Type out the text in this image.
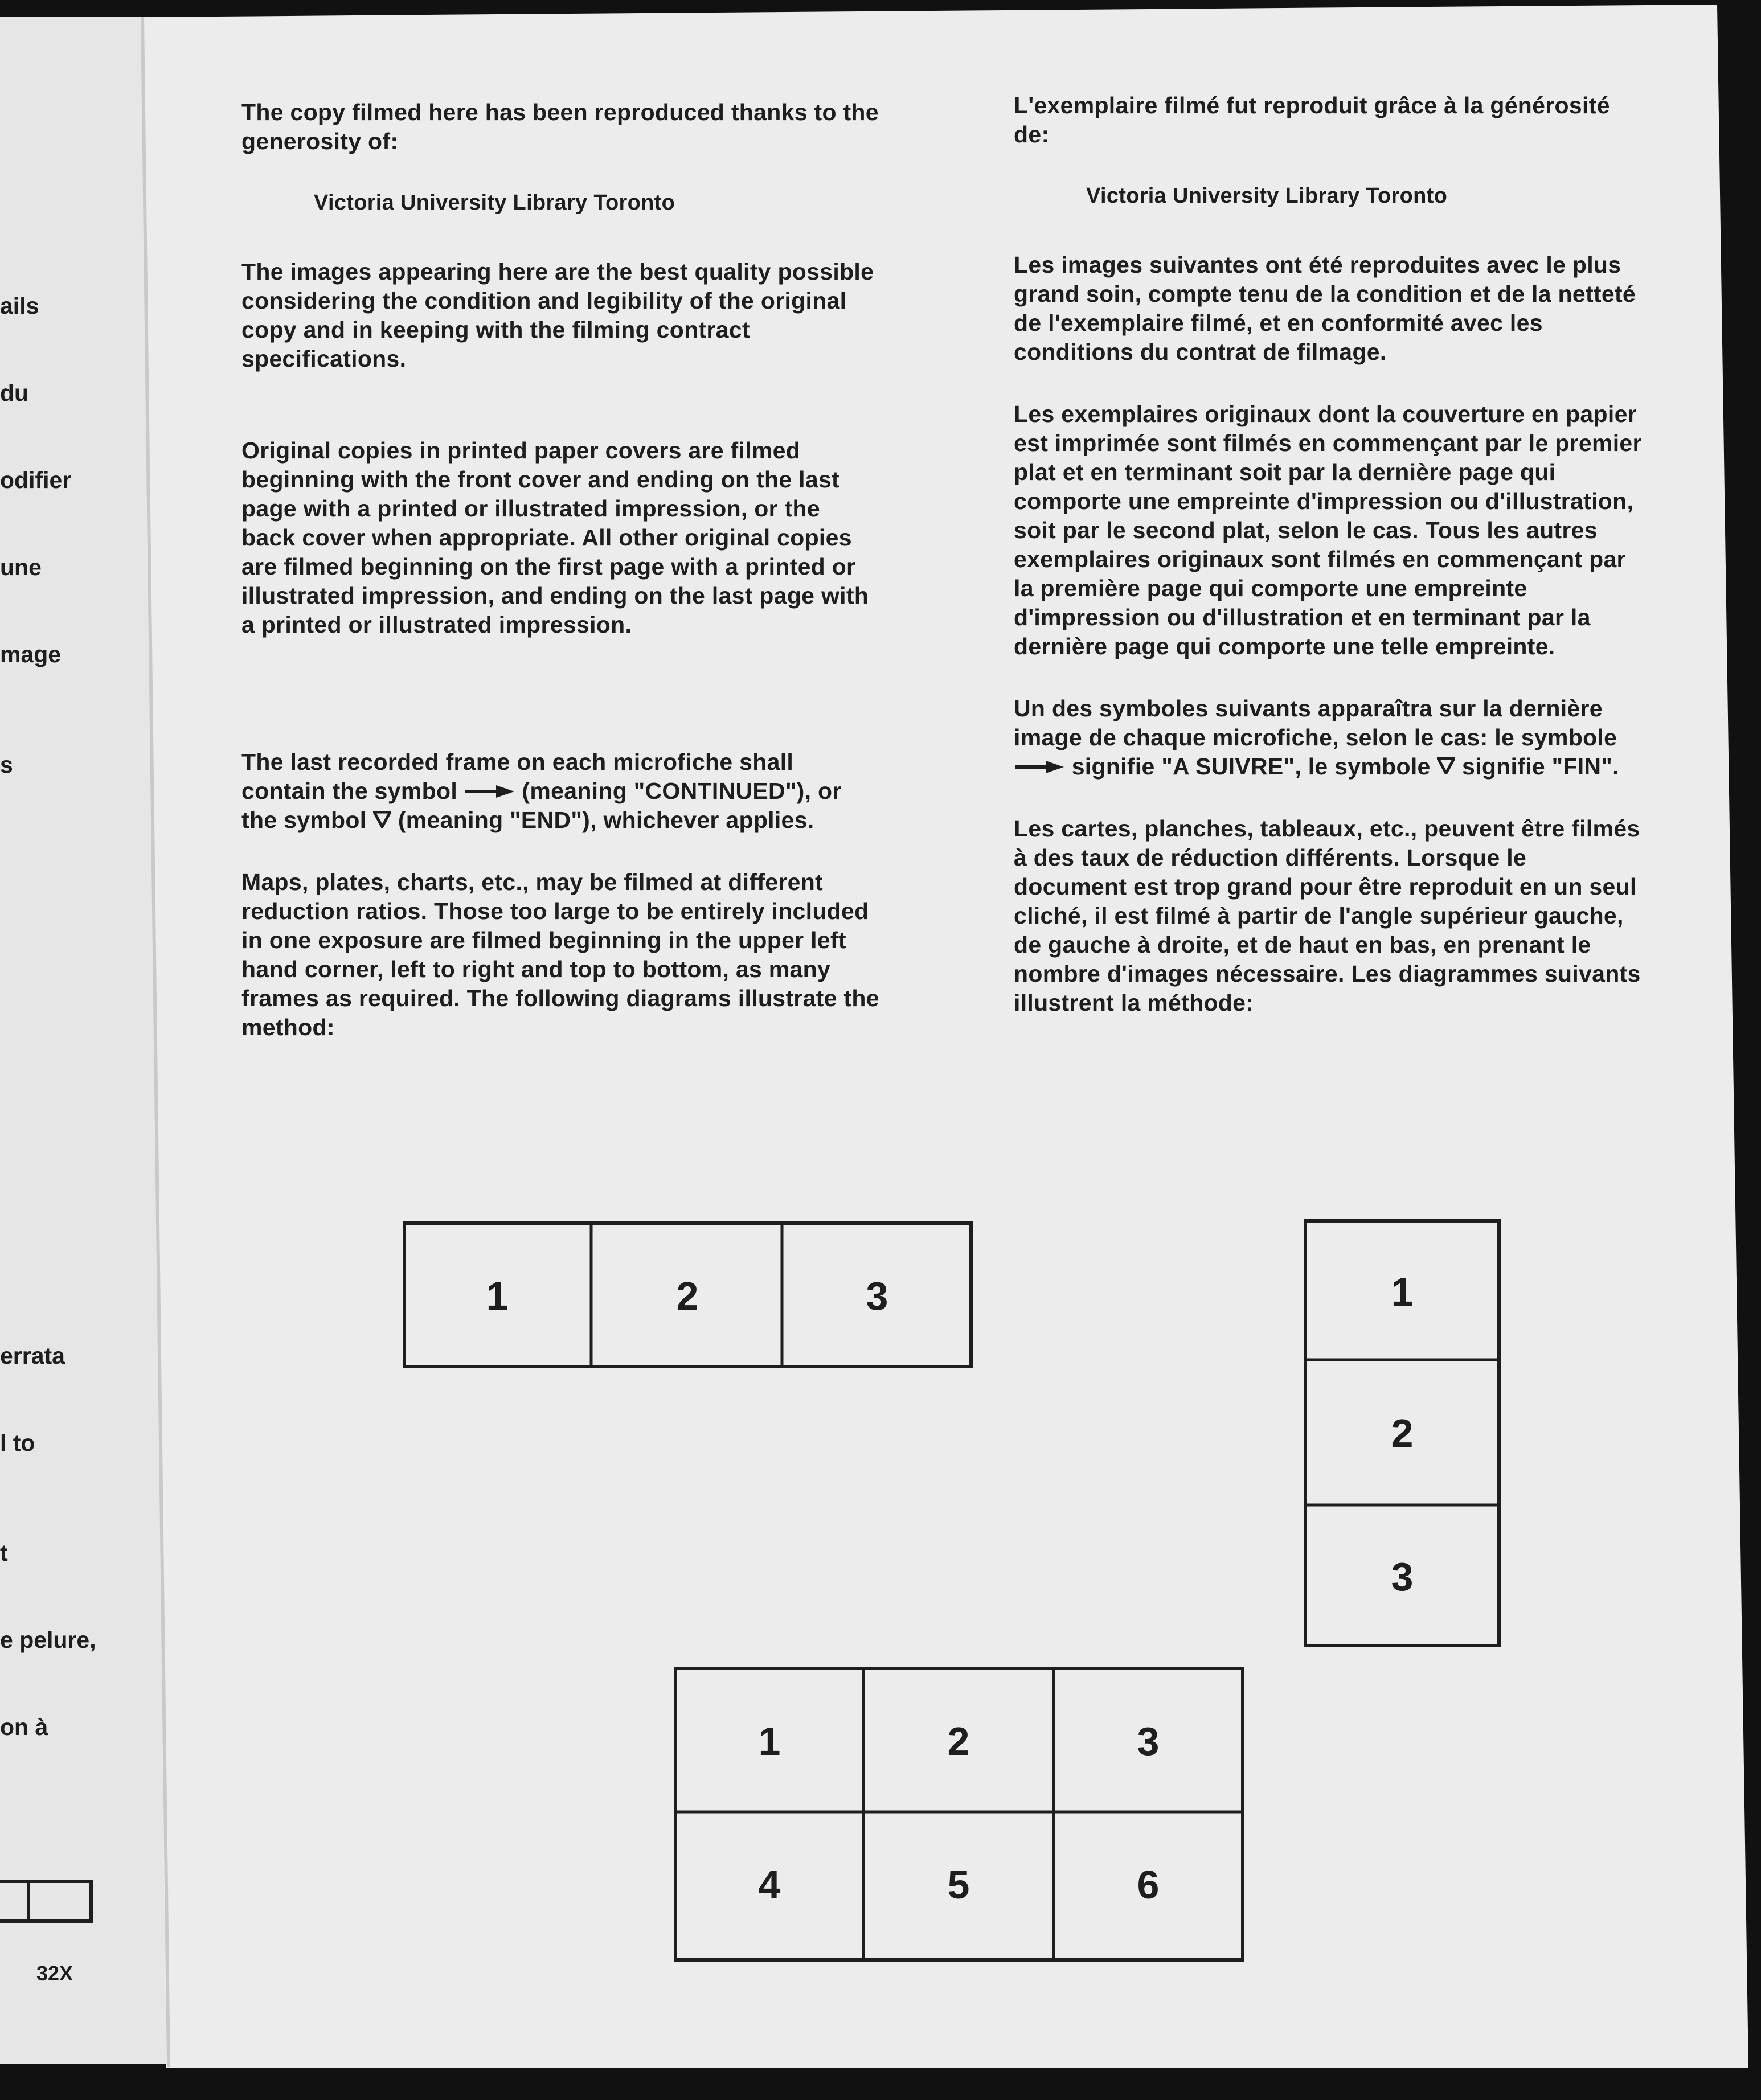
ails

du

odifier

une

mage

s

errata

l to

t

e pelure,

on à

32X

The copy filmed here has been reproduced thanks to the generosity of:

Victoria University Library Toronto

The images appearing here are the best quality possible considering the condition and legibility of the original copy and in keeping with the filming contract specifications.

Original copies in printed paper covers are filmed beginning with the front cover and ending on the last page with a printed or illustrated impression, or the back cover when appropriate. All other original copies are filmed beginning on the first page with a printed or illustrated impression, and ending on the last page with a printed or illustrated impression.

The last recorded frame on each microfiche shall contain the symbol	(meaning "CONTINUED"), or the symbol (meaning "END"), whichever applies.

Maps, plates, charts, etc., may be filmed at different reduction ratios. Those too large to be entirely included in one exposure are filmed beginning in the upper left hand corner, left to right and top to bottom, as many frames as required. The following diagrams illustrate the method:

L'exemplaire filmé fut reproduit grâce à la générosité de:

Victoria University Library Toronto

Les images suivantes ont été reproduites avec le plus grand soin, compte tenu de la condition et de la netteté de l'exemplaire filmé, et en conformité avec les conditions du contrat de filmage.

Les exemplaires originaux dont la couverture en papier est imprimée sont filmés en commençant par le premier plat et en terminant soit par la dernière page qui comporte une empreinte d'impression ou d'illustration, soit par le second plat, selon le cas. Tous les autres exemplaires originaux sont filmés en commençant par la première page qui comporte une empreinte d'impression ou d'illustration et en terminant par la dernière page qui comporte une telle empreinte.

Un des symboles suivants apparaîtra sur la dernière image de chaque microfiche, selon le cas: le symbole  signifie "A SUIVRE", le symbole signifie "FIN".

Les cartes, planches, tableaux, etc., peuvent être filmés à des taux de réduction différents. Lorsque le document est trop grand pour être reproduit en un seul cliché, il est filmé à partir de l'angle supérieur gauche, de gauche à droite, et de haut en bas, en prenant le nombre d'images nécessaire. Les diagrammes suivants illustrent la méthode:

1	2	3	1
2
3
1	2	3
4	5	6
